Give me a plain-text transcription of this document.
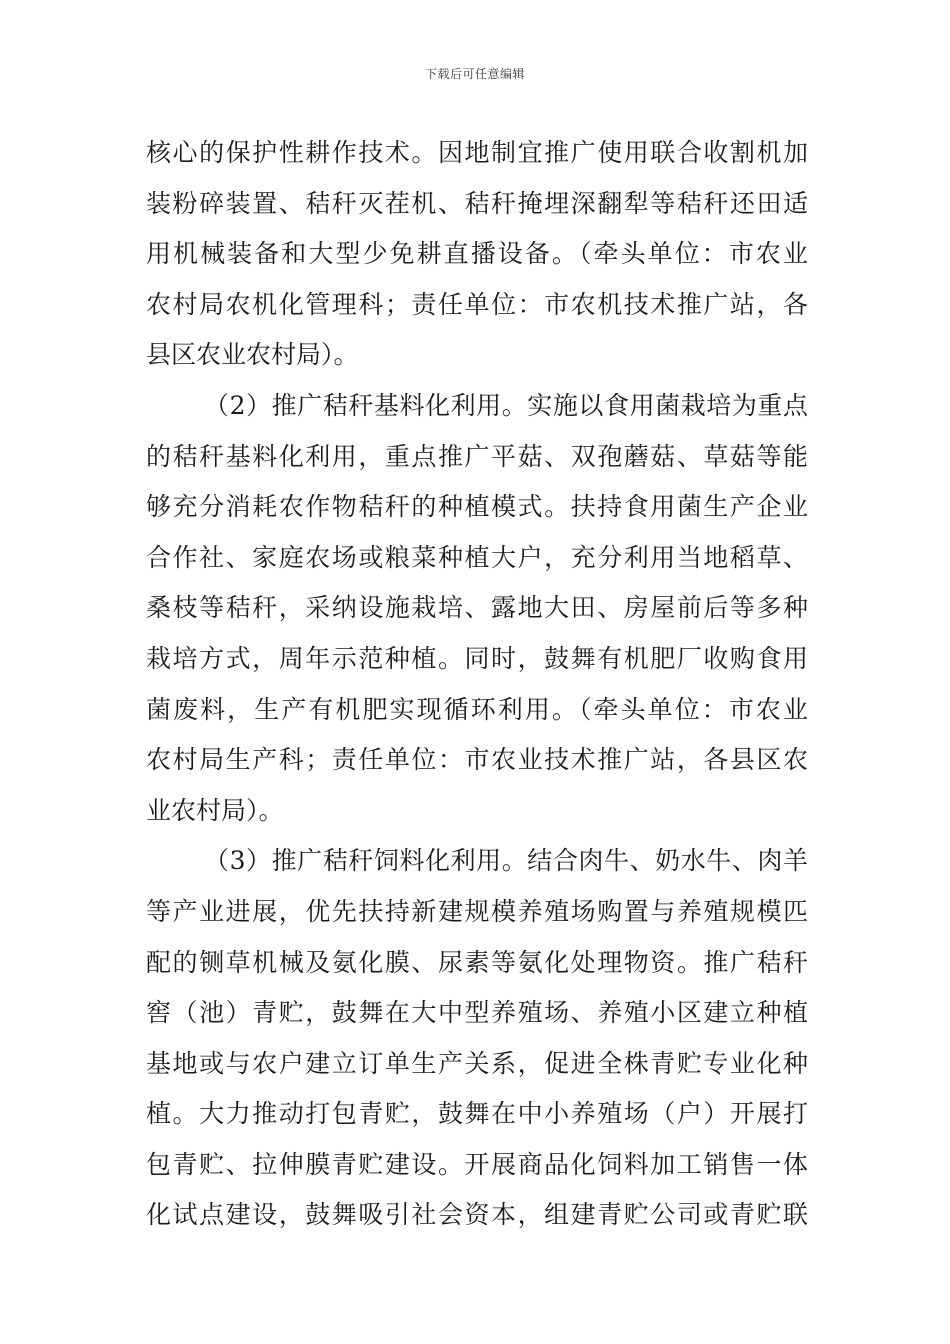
下载后可任意编辑
核心的保护性耕作技术。因地制宜推广使用联合收割机加
装粉碎装置、秸秆灭茬机、秸秆掩埋深翻犁等秸秆还田适
用机械装备和大型少免耕直播设备。（牵头单位：市农业
农村局农机化管理科；责任单位：市农机技术推广站，各
县区农业农村局）。
（2）推广秸秆基料化利用。实施以食用菌栽培为重点
的秸秆基料化利用，重点推广平菇、双孢蘑菇、草菇等能
够充分消耗农作物秸秆的种植模式。扶持食用菌生产企业
合作社、家庭农场或粮菜种植大户，充分利用当地稻草、
桑枝等秸秆，采纳设施栽培、露地大田、房屋前后等多种
栽培方式，周年示范种植。同时，鼓舞有机肥厂收购食用
菌废料，生产有机肥实现循环利用。（牵头单位：市农业
农村局生产科；责任单位：市农业技术推广站，各县区农
业农村局）。
（3）推广秸秆饲料化利用。结合肉牛、奶水牛、肉羊
等产业进展，优先扶持新建规模养殖场购置与养殖规模匹
配的铡草机械及氨化膜、尿素等氨化处理物资。推广秸秆
窖（池）青贮，鼓舞在大中型养殖场、养殖小区建立种植
基地或与农户建立订单生产关系，促进全株青贮专业化种
植。大力推动打包青贮，鼓舞在中小养殖场（户）开展打
包青贮、拉伸膜青贮建设。开展商品化饲料加工销售一体
化试点建设，鼓舞吸引社会资本，组建青贮公司或青贮联
